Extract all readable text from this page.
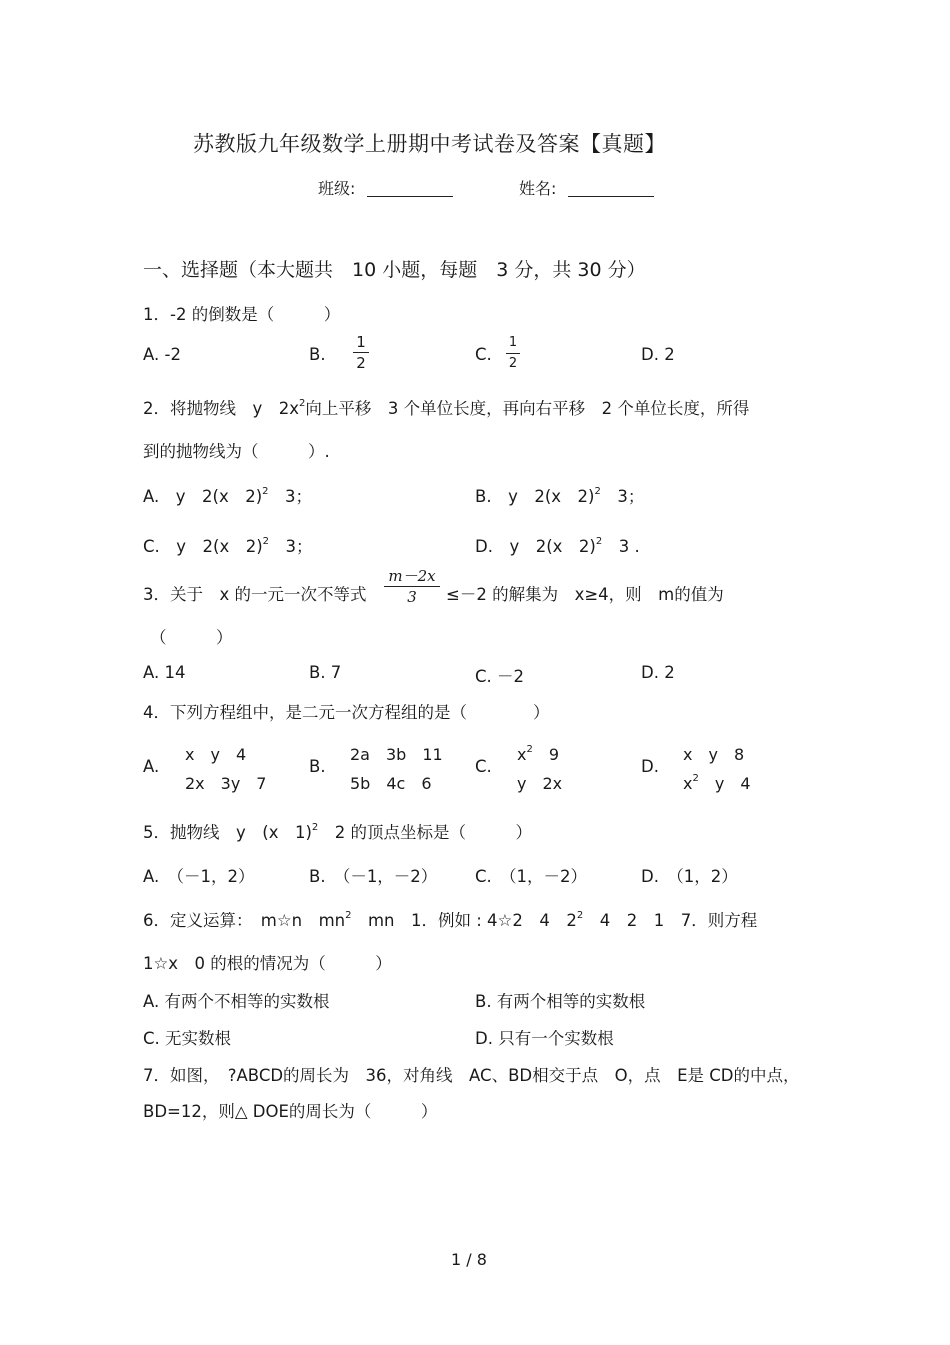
苏教版九年级数学上册期中考试卷及答案【真题】
班级:	姓名:
一、选择题（本大题共　10 小题，每题　3 分，共 30 分）
1．-2 的倒数是（　　　）
A. -2	B.
1
2	C.
1
2	D. 2
2．将抛物线　y　$2x^2$向上平移　3 个单位长度，再向右平移　2 个单位长度，所得
到的抛物线为（　　　）.
A.　y　2(x　2)$^2$　3；	B.　y　2(x　2)$^2$　3；
C.　y　2(x　2)$^2$　3；	D.　y　2(x　2)$^2$　3 .
3．关于　x 的一元一次不等式
m－2x
3	≤－2 的解集为　x≥4，则　m的值为
（　　　）
A. 14	B. 7	C. －2	D. 2
4．下列方程组中，是二元一次方程组的是（　　　　）
A.
x　y　4
2x　3y　7
B.
2a　3b　11
5b　4c　6
C.
$x^2$　9
y　2x
D.
x　y　8
$x^2$　y　4
5．抛物线　y　(x　1)$^2$　2 的顶点坐标是（　　　）
A.　（－1，2）	B.　（－1，－2） C.　（1，－2）	D.　（1，2）
6．定义运算：　m☆n　$mn^2$　mn　1．例如 : 4☆2　4　$2^2$　4　2　1　7．则方程
1☆x　0 的根的情况为（　　　）
A. 有两个不相等的实数根	B. 有两个相等的实数根
C. 无实数根	D. 只有一个实数根
7．如图，　?ABCD的周长为　36，对角线　AC、BD相交于点　O，点　E是 CD的中点，
BD=12，则△ DOE的周长为（　　　）
1 / 8
